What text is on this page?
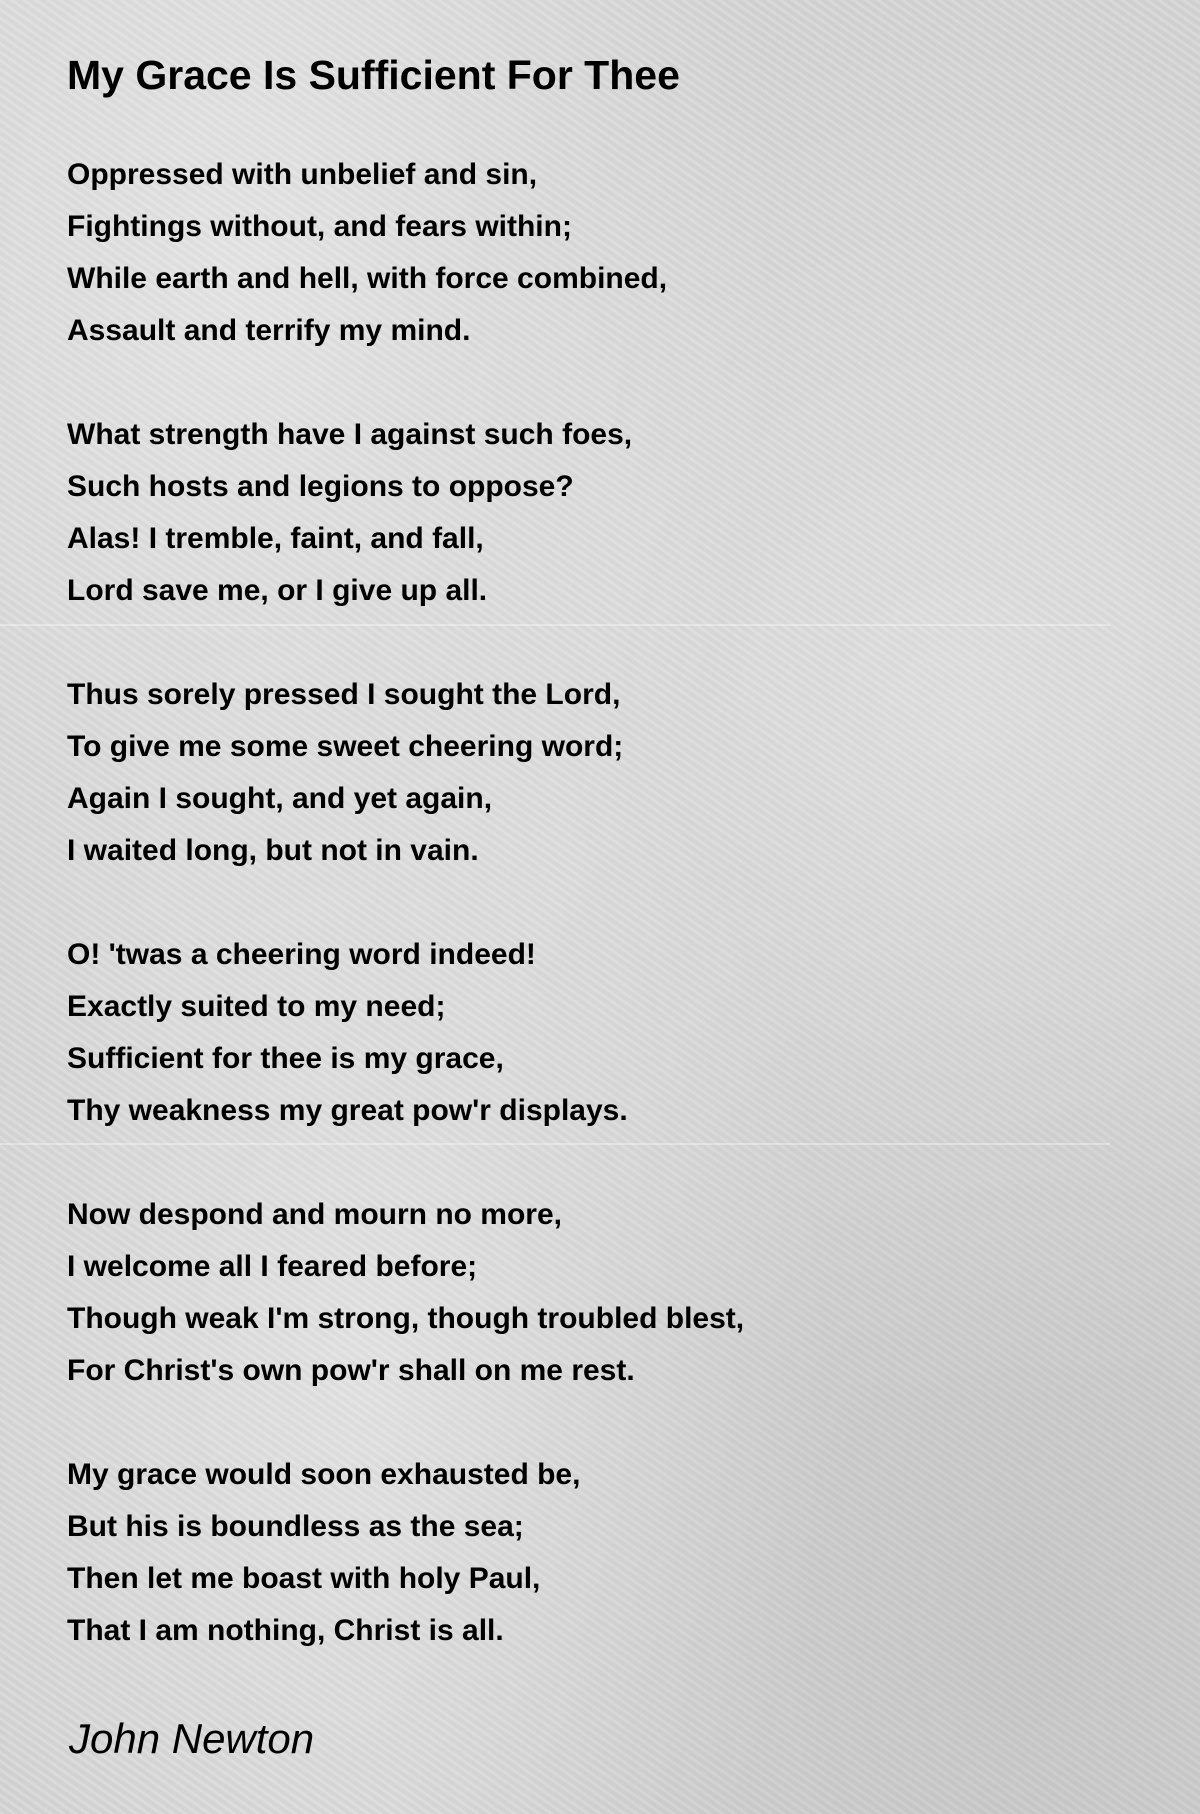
My Grace Is Sufficient For Thee
Oppressed with unbelief and sin,
Fightings without, and fears within;
While earth and hell, with force combined,
Assault and terrify my mind.
What strength have I against such foes,
Such hosts and legions to oppose?
Alas! I tremble, faint, and fall,
Lord save me, or I give up all.
Thus sorely pressed I sought the Lord,
To give me some sweet cheering word;
Again I sought, and yet again,
I waited long, but not in vain.
O! 'twas a cheering word indeed!
Exactly suited to my need;
Sufficient for thee is my grace,
Thy weakness my great pow'r displays.
Now despond and mourn no more,
I welcome all I feared before;
Though weak I'm strong, though troubled blest,
For Christ's own pow'r shall on me rest.
My grace would soon exhausted be,
But his is boundless as the sea;
Then let me boast with holy Paul,
That I am nothing, Christ is all.
John Newton
